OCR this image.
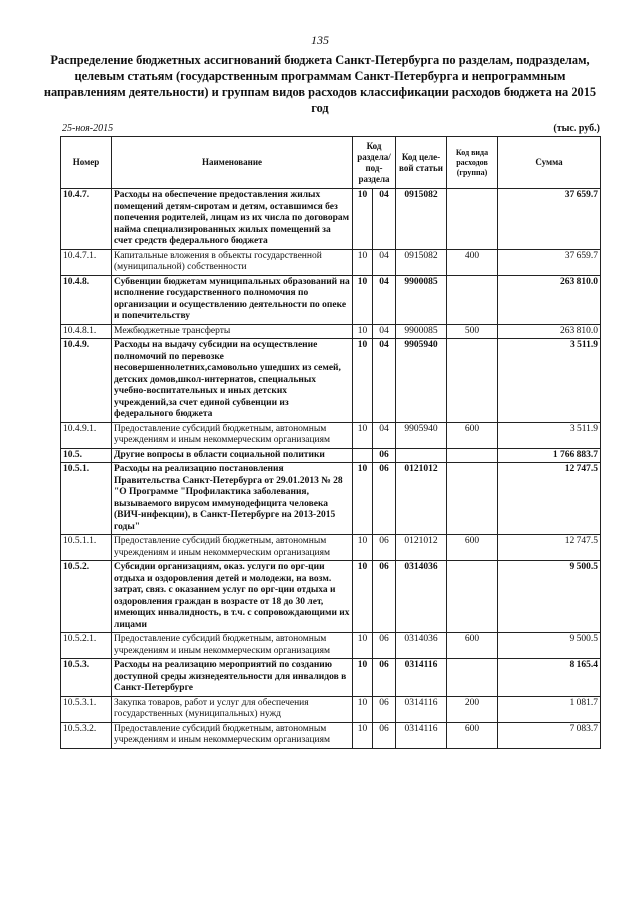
135
Распределение бюджетных ассигнований бюджета Санкт-Петербурга по разделам, подразделам, целевым статьям (государственным программам Санкт-Петербурга и непрограммным направлениям деятельности) и группам видов расходов классификации расходов бюджета на 2015 год
25-ноя-2015	(тыс. руб.)
Номер	Наименование	Код раздела/ под-раздела		Код целе-вой статьи	Код вида расходов (группа)	Сумма
10.4.7.	Расходы на обеспечение предоставления жилых помещений детям-сиротам и детям, оставшимся без попечения родителей, лицам из их числа по договорам найма специализированных жилых помещений за счет средств федерального бюджета	10	04	0915082		37 659.7
10.4.7.1.	Капитальные вложения в объекты государственной (муниципальной) собственности	10	04	0915082	400	37 659.7
10.4.8.	Субвенции бюджетам муниципальных образований на исполнение государственного полномочия по организации и осуществлению деятельности по опеке и попечительству	10	04	9900085		263 810.0
10.4.8.1.	Межбюджетные трансферты	10	04	9900085	500	263 810.0
10.4.9.	Расходы на выдачу субсидии на осуществление полномочий по перевозке несовершеннолетних,самовольно ушедших из семей, детских домов,школ-интернатов, специальных учебно-воспитательных и иных детских учреждений,за счет единой субвенции из федерального бюджета	10	04	9905940		3 511.9
10.4.9.1.	Предоставление субсидий бюджетным, автономным учреждениям и иным некоммерческим организациям	10	04	9905940	600	3 511.9
10.5.	Другие вопросы в области социальной политики		06			1 766 883.7
10.5.1.	Расходы на реализацию постановления Правительства Санкт-Петербурга от 29.01.2013 № 28 "О Программе "Профилактика заболевания, вызываемого вирусом иммунодефицита человека (ВИЧ-инфекции), в Санкт-Петербурге на 2013-2015 годы"	10	06	0121012		12 747.5
10.5.1.1.	Предоставление субсидий бюджетным, автономным учреждениям и иным некоммерческим организациям	10	06	0121012	600	12 747.5
10.5.2.	Субсидии организациям, оказ. услуги по орг-ции отдыха и оздоровления детей и молодежи, на возм. затрат, связ. с оказанием услуг по орг-ции отдыха и оздоровления граждан в возрасте от 18 до 30 лет, имеющих инвалидность, в т.ч. с сопровождающими их лицами	10	06	0314036		9 500.5
10.5.2.1.	Предоставление субсидий бюджетным, автономным учреждениям и иным некоммерческим организациям	10	06	0314036	600	9 500.5
10.5.3.	Расходы на реализацию мероприятий по созданию доступной среды жизнедеятельности для инвалидов в Санкт-Петербурге	10	06	0314116		8 165.4
10.5.3.1.	Закупка товаров, работ и услуг для обеспечения государственных (муниципальных) нужд	10	06	0314116	200	1 081.7
10.5.3.2.	Предоставление субсидий бюджетным, автономным учреждениям и иным некоммерческим организациям	10	06	0314116	600	7 083.7
